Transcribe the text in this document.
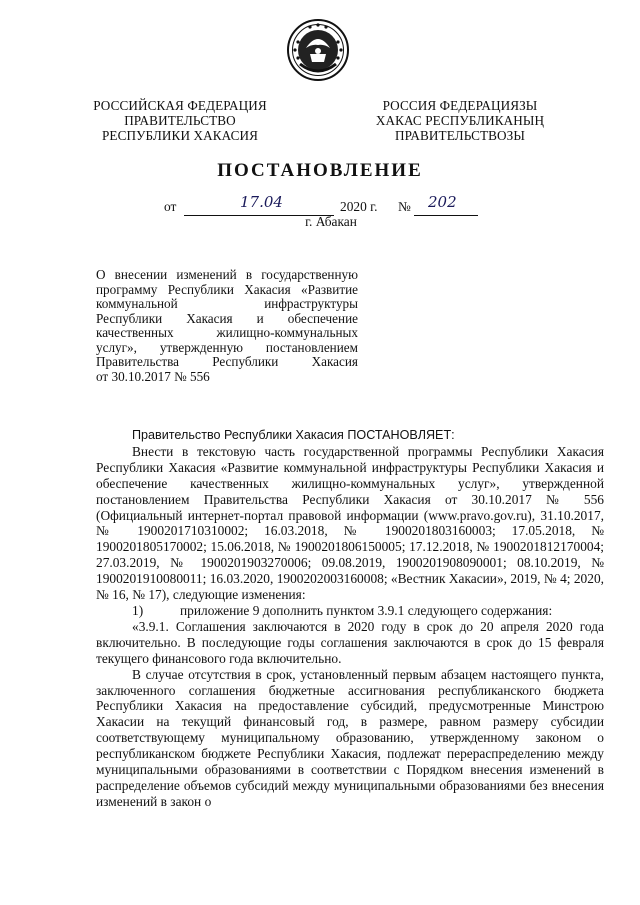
РОССИЙСКАЯ ФЕДЕРАЦИЯ
ПРАВИТЕЛЬСТВО
РЕСПУБЛИКИ ХАКАСИЯ
РОССИЯ ФЕДЕРАЦИЯЗЫ
ХАКАС РЕСПУБЛИКАНЫҢ
ПРАВИТЕЛЬСТВОЗЫ
ПОСТАНОВЛЕНИЕ
от	17.04	2020 г. № 202
г. Абакан
О внесении изменений в государственную
программу Республики Хакасия «Развитие
коммунальной инфраструктуры
Республики Хакасия и обеспечение
качественных жилищно-коммунальных
услуг», утвержденную постановлением
Правительства Республики Хакасия
от 30.10.2017 № 556

Правительство Республики Хакасия ПОСТАНОВЛЯЕТ:

Внести в текстовую часть государственной программы Республики Хакасия Республики Хакасия «Развитие коммунальной инфраструктуры Республики Хакасия и обеспечение качественных жилищно-коммунальных услуг», утвержденной постановлением Правительства Республики Хакасия от 30.10.2017 № 556 (Официальный интернет-портал правовой информации (www.pravo.gov.ru), 31.10.2017, № 1900201710310002; 16.03.2018, № 1900201803160003; 17.05.2018, № 1900201805170002; 15.06.2018, № 1900201806150005; 17.12.2018, № 1900201812170004; 27.03.2019, № 1900201903270006; 09.08.2019, 1900201908090001; 08.10.2019, № 1900201910080011; 16.03.2020, 1900202003160008; «Вестник Хакасии», 2019, № 4; 2020, № 16, № 17), следующие изменения:

1)	приложение 9 дополнить пунктом 3.9.1 следующего содержания:

«3.9.1. Соглашения заключаются в 2020 году в срок до 20 апреля 2020 года включительно. В последующие годы соглашения заключаются в срок до 15 февраля текущего финансового года включительно.

В случае отсутствия в срок, установленный первым абзацем настоящего пункта, заключенного соглашения бюджетные ассигнования республиканского бюджета Республики Хакасия на предоставление субсидий, предусмотренные Минстрою Хакасии на текущий финансовый год, в размере, равном размеру субсидии соответствующему муниципальному образованию, утвержденному законом о республиканском бюджете Республики Хакасия, подлежат перераспределению между муниципальными образованиями в соответствии с Порядком внесения изменений в распределение объемов субсидий между муниципальными образованиями без внесения изменений в закон о
